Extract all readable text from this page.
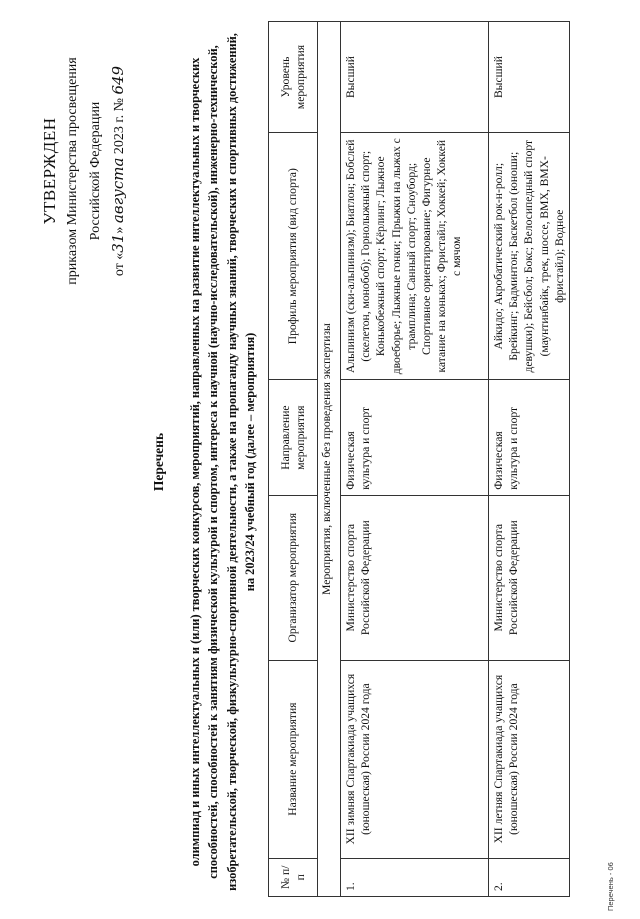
УТВЕРЖДЕН приказом Министерства просвещения Российской Федерации
от «31» августа 2023 г. № 649
Перечень олимпиад и иных интеллектуальных и (или) творческих конкурсов, мероприятий, направленных на развитие интеллектуальных и творческих способностей, способностей к занятиям физической культурой и спортом, интереса к научной (научно-исследовательской), инженерно-технической, изобретательской, творческой, физкультурно-спортивной деятельности, а также на пропаганду научных знаний, творческих и спортивных достижений, на 2023/24 учебный год (далее – мероприятия)
№ п/п	Название мероприятия	Организатор мероприятия	Направление мероприятия	Профиль мероприятия (вид спорта)	Уровень мероприятия
Мероприятия, включенные без проведения экспертизы					
1.	XII зимняя Спартакиада учащихся (юношеская) России 2024 года	Министерство спорта Российской Федерации	Физическая культура и спорт	Альпинизм (ски-альпинизм); Биатлон; Бобслей (скелетон, монобоб); Горнолыжный спорт; Конькобежный спорт; Кёрлинг; Лыжное двоеборье; Лыжные гонки; Прыжки на лыжах с трамплина; Санный спорт; Сноуборд; Спортивное ориентирование; Фигурное катание на коньках; Фристайл; Хоккей; Хоккей с мячом	Высший
2.	XII летняя Спартакиада учащихся (юношеская) России 2024 года	Министерство спорта Российской Федерации	Физическая культура и спорт	Айкидо; Акробатический рок-н-ролл; Брейкинг; Бадминтон; Баскетбол (юноши; девушки); Бейсбол; Бокс; Велосипедный спорт (маунтинбайк, трек, шоссе, BMX, BMX-фристайл); Водное	Высший
Перечень - 06
